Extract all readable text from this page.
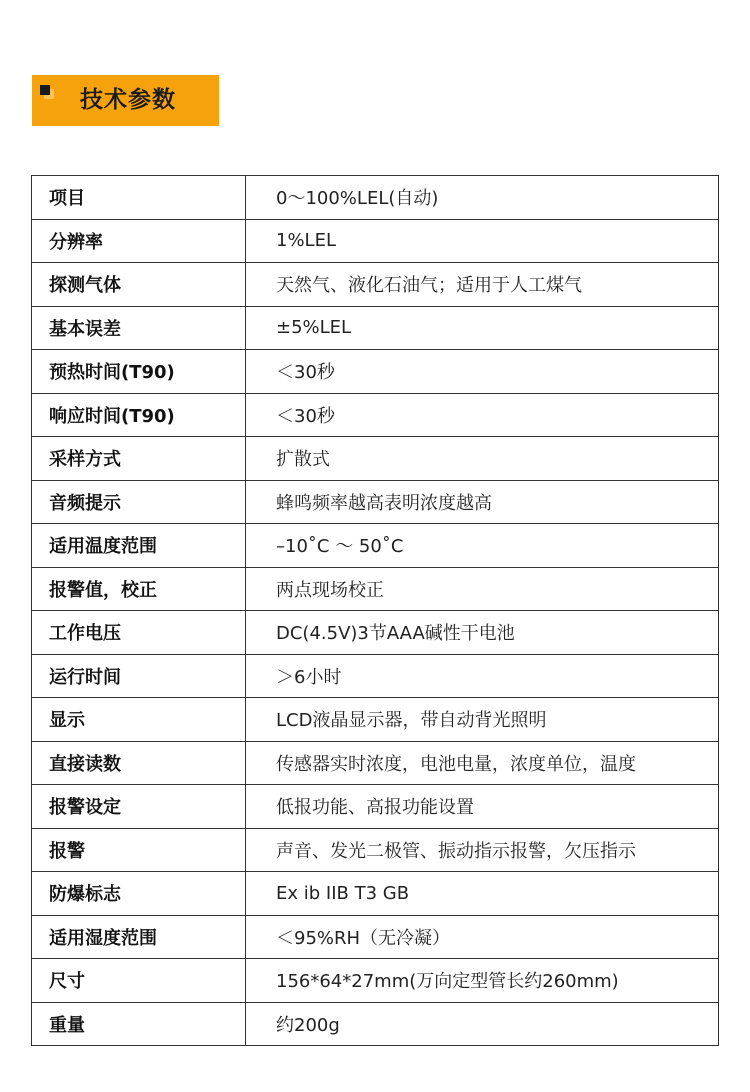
技术参数
项目	0～100%LEL(自动)
分辨率	1%LEL
探测气体	天然气、液化石油气；适用于人工煤气
基本误差	±5%LEL
预热时间(T90)	＜30秒
响应时间(T90)	＜30秒
采样方式	扩散式
音频提示	蜂鸣频率越高表明浓度越高
适用温度范围	–10˚C ～ 50˚C
报警值，校正	两点现场校正
工作电压	DC(4.5V)3节AAA碱性干电池
运行时间	＞6小时
显示	LCD液晶显示器，带自动背光照明
直接读数	传感器实时浓度，电池电量，浓度单位，温度
报警设定	低报功能、高报功能设置
报警	声音、发光二极管、振动指示报警，欠压指示
防爆标志	Ex ib IIB T3 GB
适用湿度范围	＜95%RH（无冷凝）
尺寸	156*64*27mm(万向定型管长约260mm)
重量	约200g
